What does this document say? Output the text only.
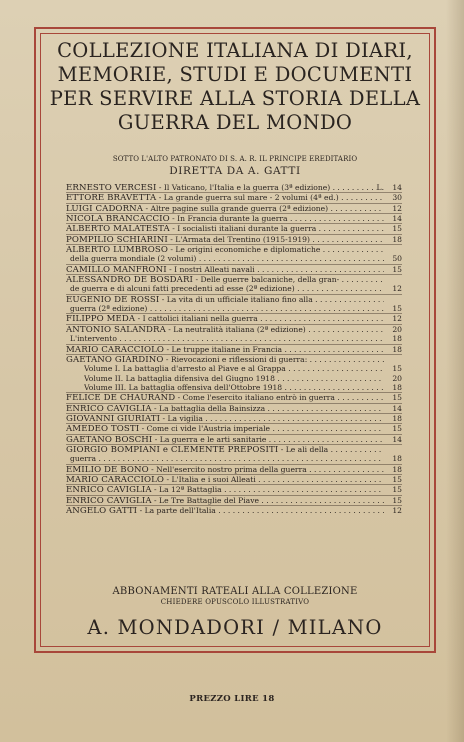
COLLEZIONE ITALIANA DI DIARI,
MEMORIE, STUDI E DOCUMENTI
PER SERVIRE ALLA STORIA DELLA
GUERRA DEL MONDO
SOTTO L'ALTO PATRONATO DI S. A. R. IL PRINCIPE EREDITARIO
DIRETTA DA A. GATTI
ERNESTO VERCESI - Il Vaticano, l'Italia e la guerra (3ª edizione) . . .	L.	14
ETTORE BRAVETTA - La grande guerra sul mare - 2 volumi (4ª ed.) . . .	30
LUIGI CADORNA - Altre pagine sulla grande guerra (2ª edizione) . . .	12
NICOLA BRANCACCIO - In Francia durante la guerra . . .	14
ALBERTO MALATESTA - I socialisti italiani durante la guerra . . .	15
POMPILIO SCHIARINI - L'Armata del Trentino (1915-1919) . . .	18
ALBERTO LUMBROSO - Le origini economiche e diplomatiche . . .
della guerra mondiale (2 volumi) . . .	50
CAMILLO MANFRONI - I nostri Alleati navali . . .	15
ALESSANDRO DE BOSDARI - Delle guerre balcaniche, della gran- . . .
de guerra e di alcuni fatti precedenti ad esse (2ª edizione) . . .	12
EUGENIO DE ROSSI - La vita di un ufficiale italiano fino alla . . .
guerra (2ª edizione) . . .	15
FILIPPO MEDA - I cattolici italiani nella guerra . . .	12
ANTONIO SALANDRA - La neutralità italiana (2ª edizione) . . .	20
L'intervento . . .	18
MARIO CARACCIOLO - Le truppe italiane in Francia . . .	18
GAETANO GIARDINO - Rievocazioni e riflessioni di guerra: . . .
Volume I. La battaglia d'arresto al Piave e al Grappa . . .	15
Volume II. La battaglia difensiva del Giugno 1918 . . .	20
Volume III. La battaglia offensiva dell'Ottobre 1918 . . .	18
FELICE DE CHAURAND - Come l'esercito italiano entrò in guerra . . .	15
ENRICO CAVIGLIA - La battaglia della Bainsizza . . .	14
GIOVANNI GIURIATI - La vigilia . . .	18
AMEDEO TOSTI - Come ci vide l'Austria imperiale . . .	15
GAETANO BOSCHI - La guerra e le arti sanitarie . . .	14
GIORGIO BOMPIANI e CLEMENTE PREPOSITI - Le ali della . . .
guerra . . .	18
EMILIO DE BONO - Nell'esercito nostro prima della guerra . . .	18
MARIO CARACCIOLO - L'Italia e i suoi Alleati . . .	15
ENRICO CAVIGLIA - La 12ª Battaglia . . .	15
ENRICO CAVIGLIA - Le Tre Battaglie del Piave . . .	15
ANGELO GATTI - La parte dell'Italia . . .	12
ABBONAMENTI RATEALI ALLA COLLEZIONE
CHIEDERE OPUSCOLO ILLUSTRATIVO
A. MONDADORI / MILANO
PREZZO LIRE 18
